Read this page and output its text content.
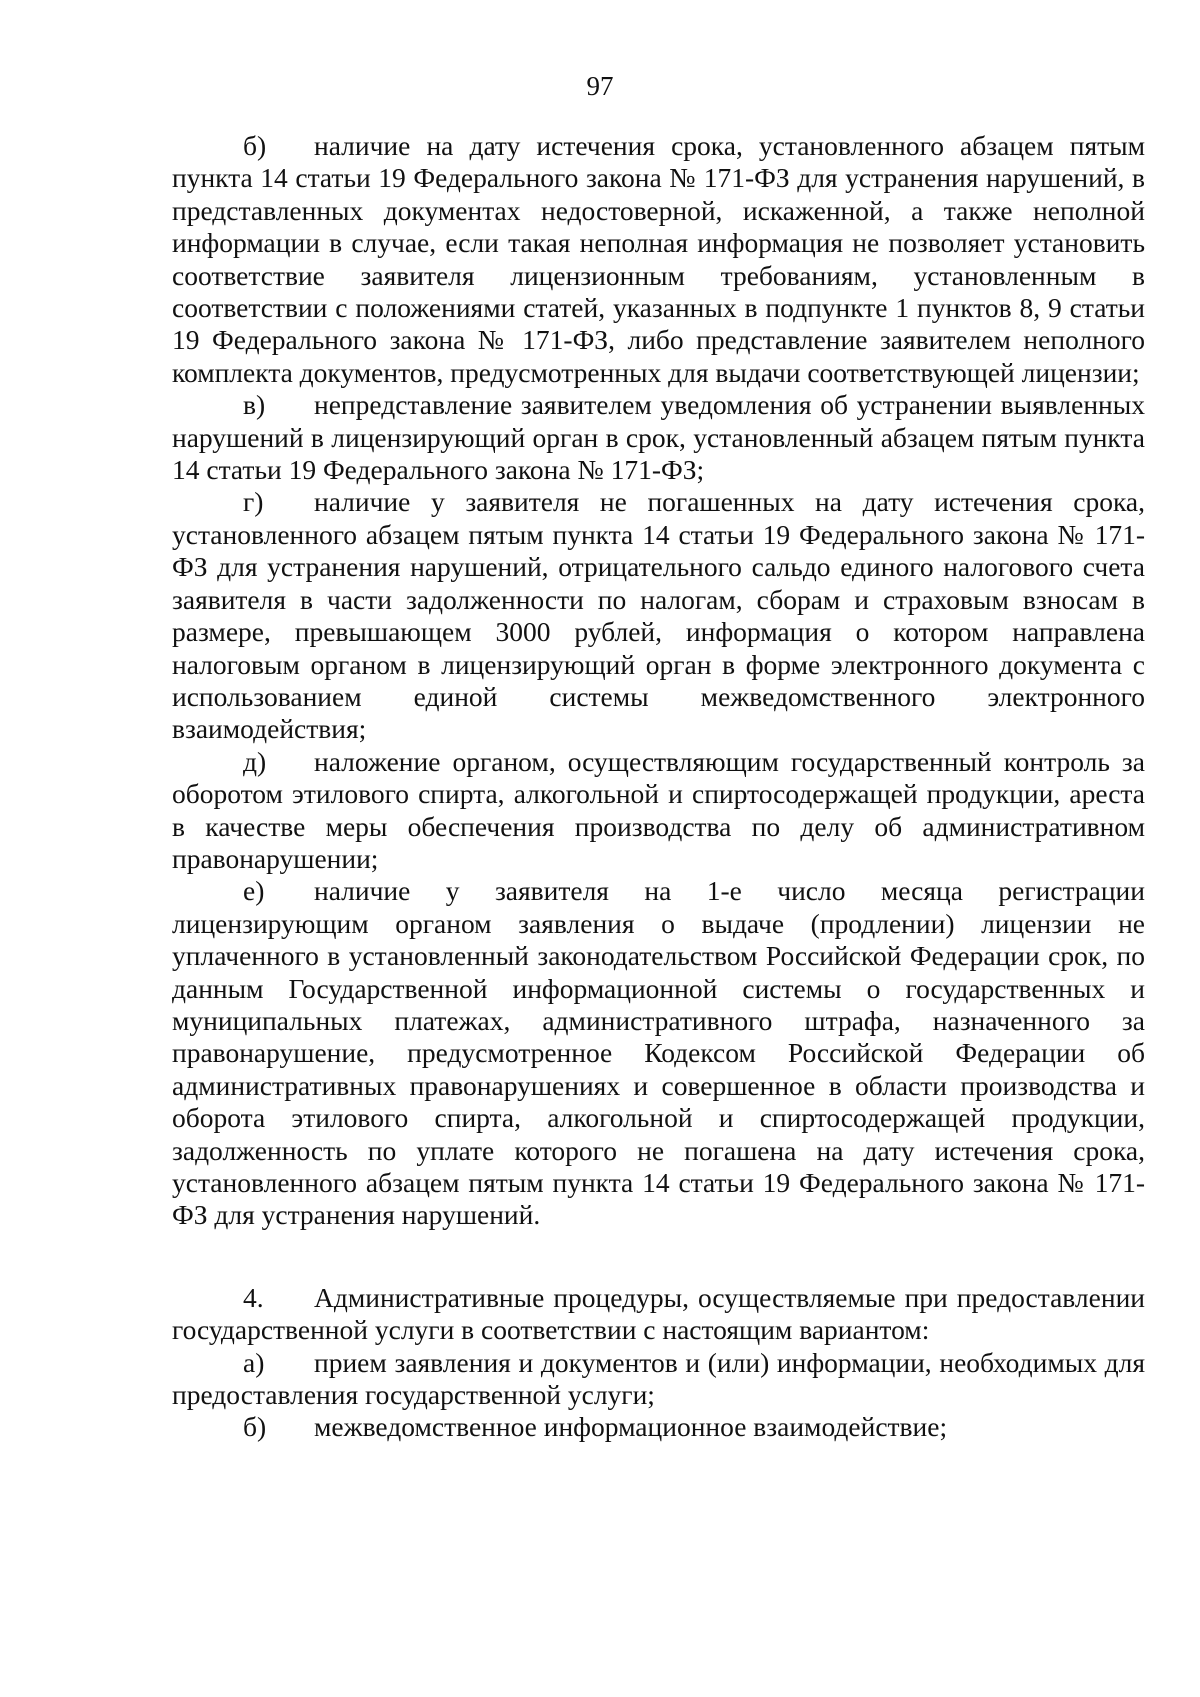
97

б) наличие на дату истечения срока, установленного абзацем пятым пункта 14 статьи 19 Федерального закона № 171-ФЗ для устранения нарушений, в представленных документах недостоверной, искаженной, а также неполной информации в случае, если такая неполная информация не позволяет установить соответствие заявителя лицензионным требованиям, установленным в соответствии с положениями статей, указанных в подпункте 1 пунктов 8, 9 статьи 19 Федерального закона № 171-ФЗ, либо представление заявителем неполного комплекта документов, предусмотренных для выдачи соответствующей лицензии;

в) непредставление заявителем уведомления об устранении выявленных нарушений в лицензирующий орган в срок, установленный абзацем пятым пункта 14 статьи 19 Федерального закона № 171-ФЗ;

г) наличие у заявителя не погашенных на дату истечения срока, установленного абзацем пятым пункта 14 статьи 19 Федерального закона № 171-ФЗ для устранения нарушений, отрицательного сальдо единого налогового счета заявителя в части задолженности по налогам, сборам и страховым взносам в размере, превышающем 3000 рублей, информация о котором направлена налоговым органом в лицензирующий орган в форме электронного документа с использованием единой системы межведомственного электронного взаимодействия;

д) наложение органом, осуществляющим государственный контроль за оборотом этилового спирта, алкогольной и спиртосодержащей продукции, ареста в качестве меры обеспечения производства по делу об административном правонарушении;

е) наличие у заявителя на 1-е число месяца регистрации лицензирующим органом заявления о выдаче (продлении) лицензии не уплаченного в установленный законодательством Российской Федерации срок, по данным Государственной информационной системы о государственных и муниципальных платежах, административного штрафа, назначенного за правонарушение, предусмотренное Кодексом Российской Федерации об административных правонарушениях и совершенное в области производства и оборота этилового спирта, алкогольной и спиртосодержащей продукции, задолженность по уплате которого не погашена на дату истечения срока, установленного абзацем пятым пункта 14 статьи 19 Федерального закона № 171-ФЗ для устранения нарушений.

4. Административные процедуры, осуществляемые при предоставлении государственной услуги в соответствии с настоящим вариантом:

а) прием заявления и документов и (или) информации, необходимых для предоставления государственной услуги;

б) межведомственное информационное взаимодействие;
